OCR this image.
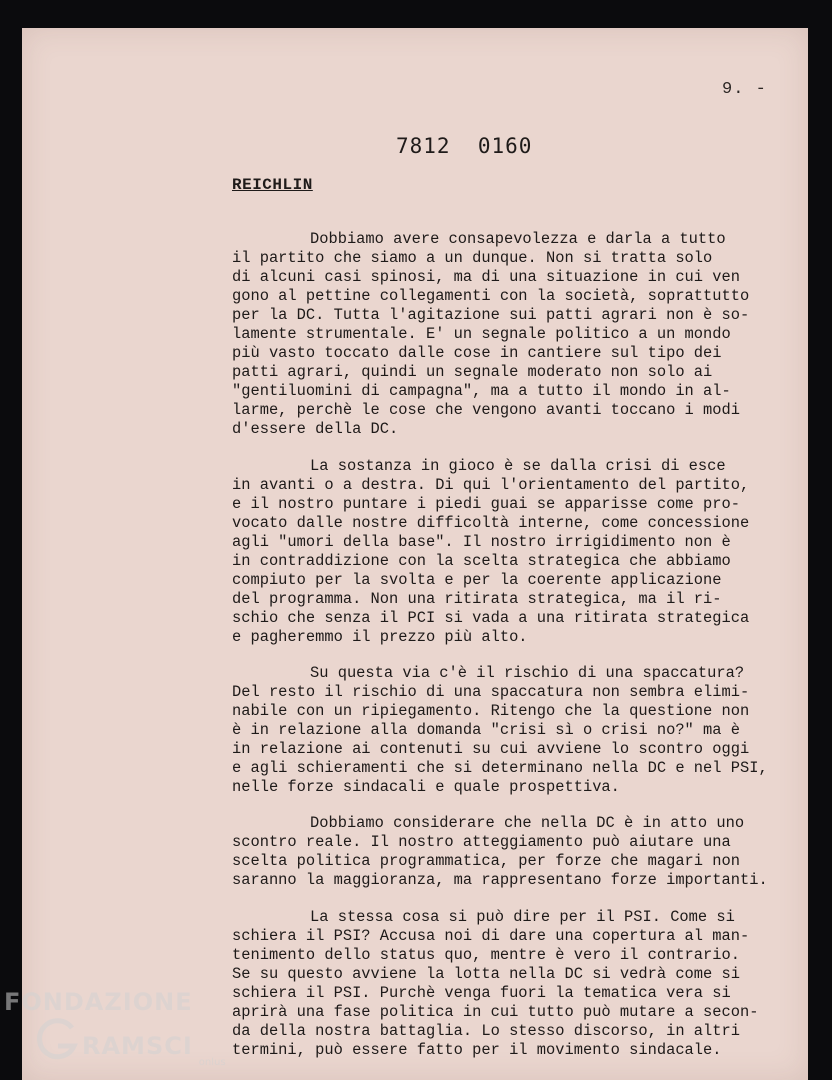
9. -
7812  0160
REICHLIN

Dobbiamo avere consapevolezza e darla a tutto
il partito che siamo a un dunque. Non si tratta solo
di alcuni casi spinosi, ma di una situazione in cui ven
gono al pettine collegamenti con la società, soprattutto
per la DC. Tutta l'agitazione sui patti agrari non è so-
lamente strumentale. E' un segnale politico a un mondo
più vasto toccato dalle cose in cantiere sul tipo dei
patti agrari, quindi un segnale moderato non solo ai
"gentiluomini di campagna", ma a tutto il mondo in al-
larme, perchè le cose che vengono avanti toccano i modi
d'essere della DC.

La sostanza in gioco è se dalla crisi di esce
in avanti o a destra. Di qui l'orientamento del partito,
e il nostro puntare i piedi guai se apparisse come pro-
vocato dalle nostre difficoltà interne, come concessione
agli "umori della base". Il nostro irrigidimento non è
in contraddizione con la scelta strategica che abbiamo
compiuto per la svolta e per la coerente applicazione
del programma. Non una ritirata strategica, ma il ri-
schio che senza il PCI si vada a una ritirata strategica
e pagheremmo il prezzo più alto.

Su questa via c'è il rischio di una spaccatura?
Del resto il rischio di una spaccatura non sembra elimi-
nabile con un ripiegamento. Ritengo che la questione non
è in relazione alla domanda "crisi sì o crisi no?" ma è
in relazione ai contenuti su cui avviene lo scontro oggi
e agli schieramenti che si determinano nella DC e nel PSI,
nelle forze sindacali e quale prospettiva.

Dobbiamo considerare che nella DC è in atto uno
scontro reale. Il nostro atteggiamento può aiutare una
scelta politica programmatica, per forze che magari non
saranno la maggioranza, ma rappresentano forze importanti.

La stessa cosa si può dire per il PSI. Come si
schiera il PSI? Accusa noi di dare una copertura al man-
tenimento dello status quo, mentre è vero il contrario.
Se su questo avviene la lotta nella DC si vedrà come si
schiera il PSI. Purchè venga fuori la tematica vera si
aprirà una fase politica in cui tutto può mutare a secon-
da della nostra battaglia. Lo stesso discorso, in altri
termini, può essere fatto per il movimento sindacale.

FONDAZIONE
RAMSCI
onlus
